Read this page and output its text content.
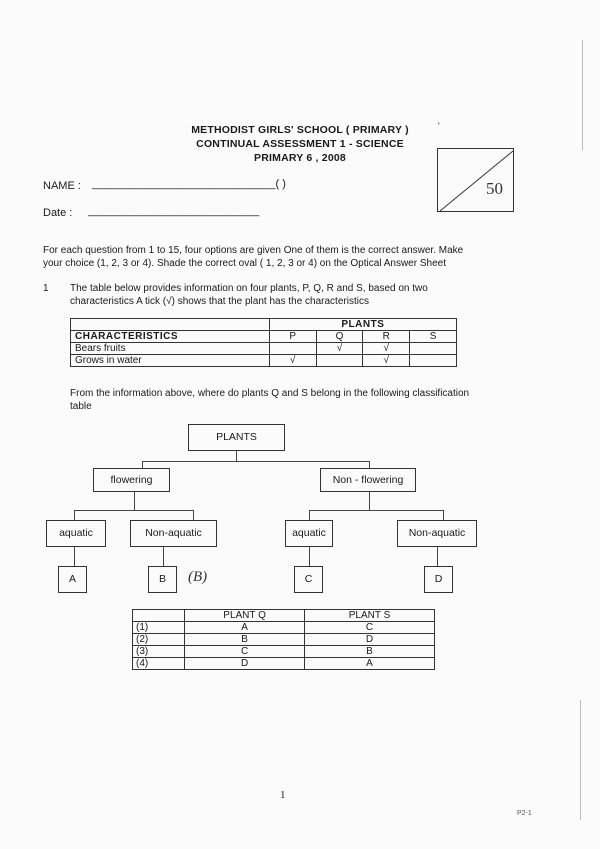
METHODIST GIRLS' SCHOOL ( PRIMARY )	'
CONTINUAL ASSESSMENT 1 - SCIENCE
PRIMARY 6 , 2008
50
NAME : ______________________________( )
Date : ____________________________
For each question from 1 to 15, four options are given One of them is the correct answer. Make
your choice (1, 2, 3 or 4). Shade the correct oval ( 1, 2, 3 or 4) on the Optical Answer Sheet
1 The table below provides information on four plants, P, Q, R and S, based on two
characteristics A tick (√) shows that the plant has the characteristics
	PLANTS			
CHARACTERISTICS	P	Q	R	S
Bears fruits		√	√	
Grows in water	√		√	
From the information above, where do plants Q and S belong in the following classification
table
PLANTS
flowering	Non - flowering
aquatic	Non-aquatic	aquatic	Non-aquatic
A	B	(B)	C	D
	PLANT Q	PLANT S
(1)	A	C
(2)	B	D
(3)	C	B
(4)	D	A
1
P2-1
